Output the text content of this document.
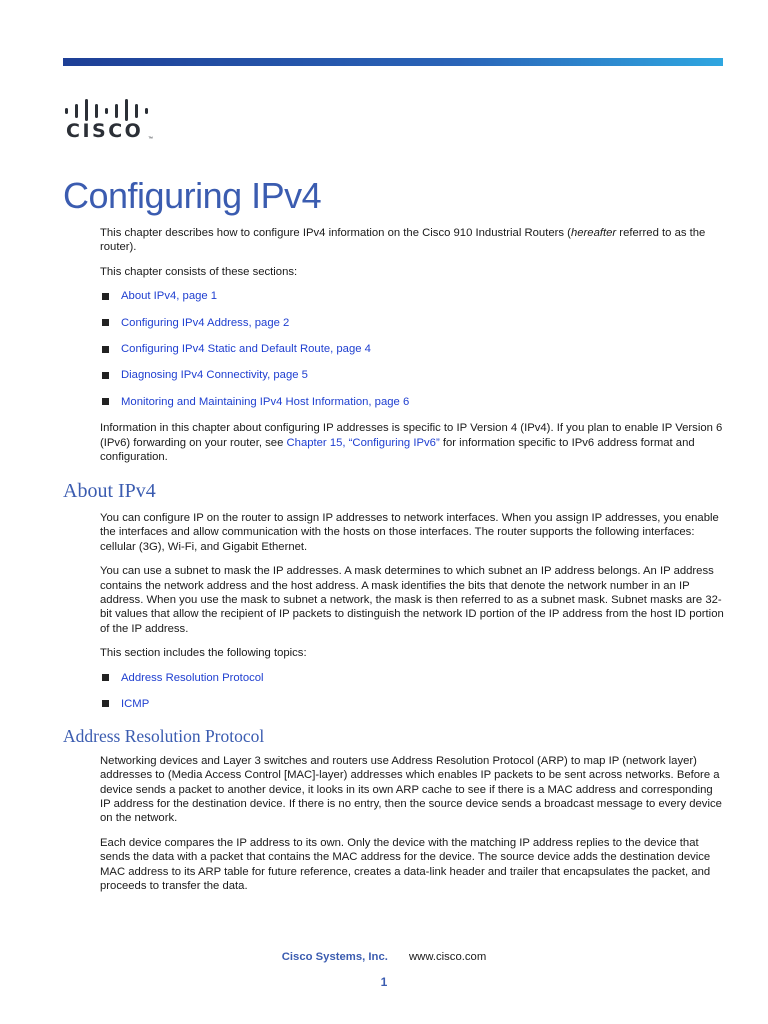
CISCO ™
Configuring IPv4

This chapter describes how to configure IPv4 information on the Cisco 910 Industrial Routers (hereafter referred to as the router).

This chapter consists of these sections:

About IPv4, page 1
Configuring IPv4 Address, page 2
Configuring IPv4 Static and Default Route, page 4
Diagnosing IPv4 Connectivity, page 5
Monitoring and Maintaining IPv4 Host Information, page 6

Information in this chapter about configuring IP addresses is specific to IP Version 4 (IPv4). If you plan to enable IP Version 6 (IPv6) forwarding on your router, see Chapter 15, “Configuring IPv6” for information specific to IPv6 address format and configuration.

About IPv4

You can configure IP on the router to assign IP addresses to network interfaces. When you assign IP addresses, you enable the interfaces and allow communication with the hosts on those interfaces. The router supports the following interfaces: cellular (3G), Wi-Fi, and Gigabit Ethernet.

You can use a subnet to mask the IP addresses. A mask determines to which subnet an IP address belongs. An IP address contains the network address and the host address. A mask identifies the bits that denote the network number in an IP address. When you use the mask to subnet a network, the mask is then referred to as a subnet mask. Subnet masks are 32-bit values that allow the recipient of IP packets to distinguish the network ID portion of the IP address from the host ID portion of the IP address.

This section includes the following topics:

Address Resolution Protocol
ICMP
Address Resolution Protocol

Networking devices and Layer 3 switches and routers use Address Resolution Protocol (ARP) to map IP (network layer) addresses to (Media Access Control [MAC]-layer) addresses which enables IP packets to be sent across networks. Before a device sends a packet to another device, it looks in its own ARP cache to see if there is a MAC address and corresponding IP address for the destination device. If there is no entry, then the source device sends a broadcast message to every device on the network.

Each device compares the IP address to its own. Only the device with the matching IP address replies to the device that sends the data with a packet that contains the MAC address for the device. The source device adds the destination device MAC address to its ARP table for future reference, creates a data-link header and trailer that encapsulates the packet, and proceeds to transfer the data.

Cisco Systems, Inc. www.cisco.com
1
